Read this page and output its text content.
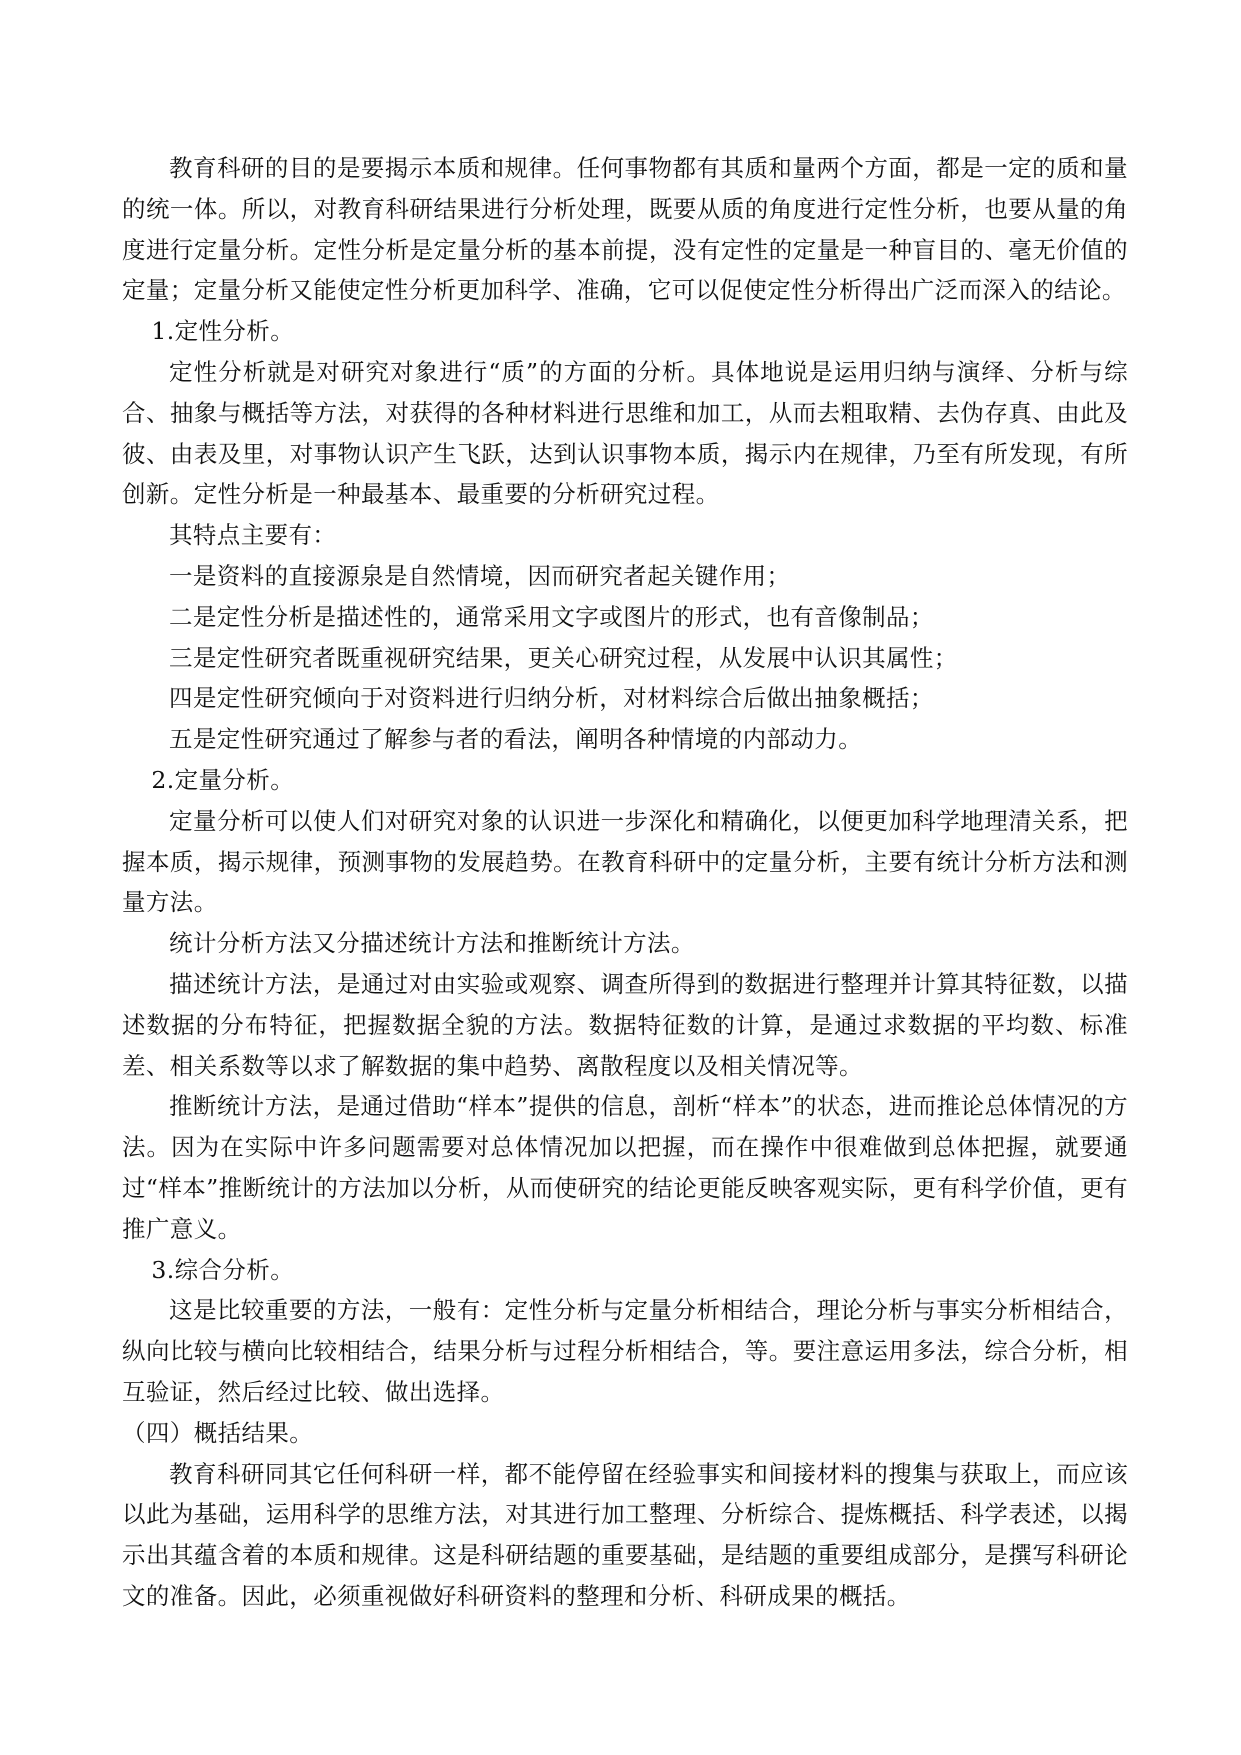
教育科研的目的是要揭示本质和规律。任何事物都有其质和量两个方面，都是一定的质和量的统一体。所以，对教育科研结果进行分析处理，既要从质的角度进行定性分析，也要从量的角度进行定量分析。定性分析是定量分析的基本前提，没有定性的定量是一种盲目的、毫无价值的定量；定量分析又能使定性分析更加科学、准确，它可以促使定性分析得出广泛而深入的结论。

1.定性分析。

定性分析就是对研究对象进行“质”的方面的分析。具体地说是运用归纳与演绎、分析与综合、抽象与概括等方法，对获得的各种材料进行思维和加工，从而去粗取精、去伪存真、由此及彼、由表及里，对事物认识产生飞跃，达到认识事物本质，揭示内在规律，乃至有所发现，有所创新。定性分析是一种最基本、最重要的分析研究过程。

其特点主要有：

一是资料的直接源泉是自然情境，因而研究者起关键作用；

二是定性分析是描述性的，通常采用文字或图片的形式，也有音像制品；

三是定性研究者既重视研究结果，更关心研究过程，从发展中认识其属性；

四是定性研究倾向于对资料进行归纳分析，对材料综合后做出抽象概括；

五是定性研究通过了解参与者的看法，阐明各种情境的内部动力。

2.定量分析。

定量分析可以使人们对研究对象的认识进一步深化和精确化，以便更加科学地理清关系，把握本质，揭示规律，预测事物的发展趋势。在教育科研中的定量分析，主要有统计分析方法和测量方法。

统计分析方法又分描述统计方法和推断统计方法。

描述统计方法，是通过对由实验或观察、调查所得到的数据进行整理并计算其特征数，以描述数据的分布特征，把握数据全貌的方法。数据特征数的计算，是通过求数据的平均数、标准差、相关系数等以求了解数据的集中趋势、离散程度以及相关情况等。

推断统计方法，是通过借助“样本”提供的信息，剖析“样本”的状态，进而推论总体情况的方法。因为在实际中许多问题需要对总体情况加以把握，而在操作中很难做到总体把握，就要通过“样本”推断统计的方法加以分析，从而使研究的结论更能反映客观实际，更有科学价值，更有推广意义。

3.综合分析。

这是比较重要的方法，一般有：定性分析与定量分析相结合，理论分析与事实分析相结合，纵向比较与横向比较相结合，结果分析与过程分析相结合，等。要注意运用多法，综合分析，相互验证，然后经过比较、做出选择。

（四）概括结果。

教育科研同其它任何科研一样，都不能停留在经验事实和间接材料的搜集与获取上，而应该以此为基础，运用科学的思维方法，对其进行加工整理、分析综合、提炼概括、科学表述，以揭示出其蕴含着的本质和规律。这是科研结题的重要基础，是结题的重要组成部分，是撰写科研论文的准备。因此，必须重视做好科研资料的整理和分析、科研成果的概括。
